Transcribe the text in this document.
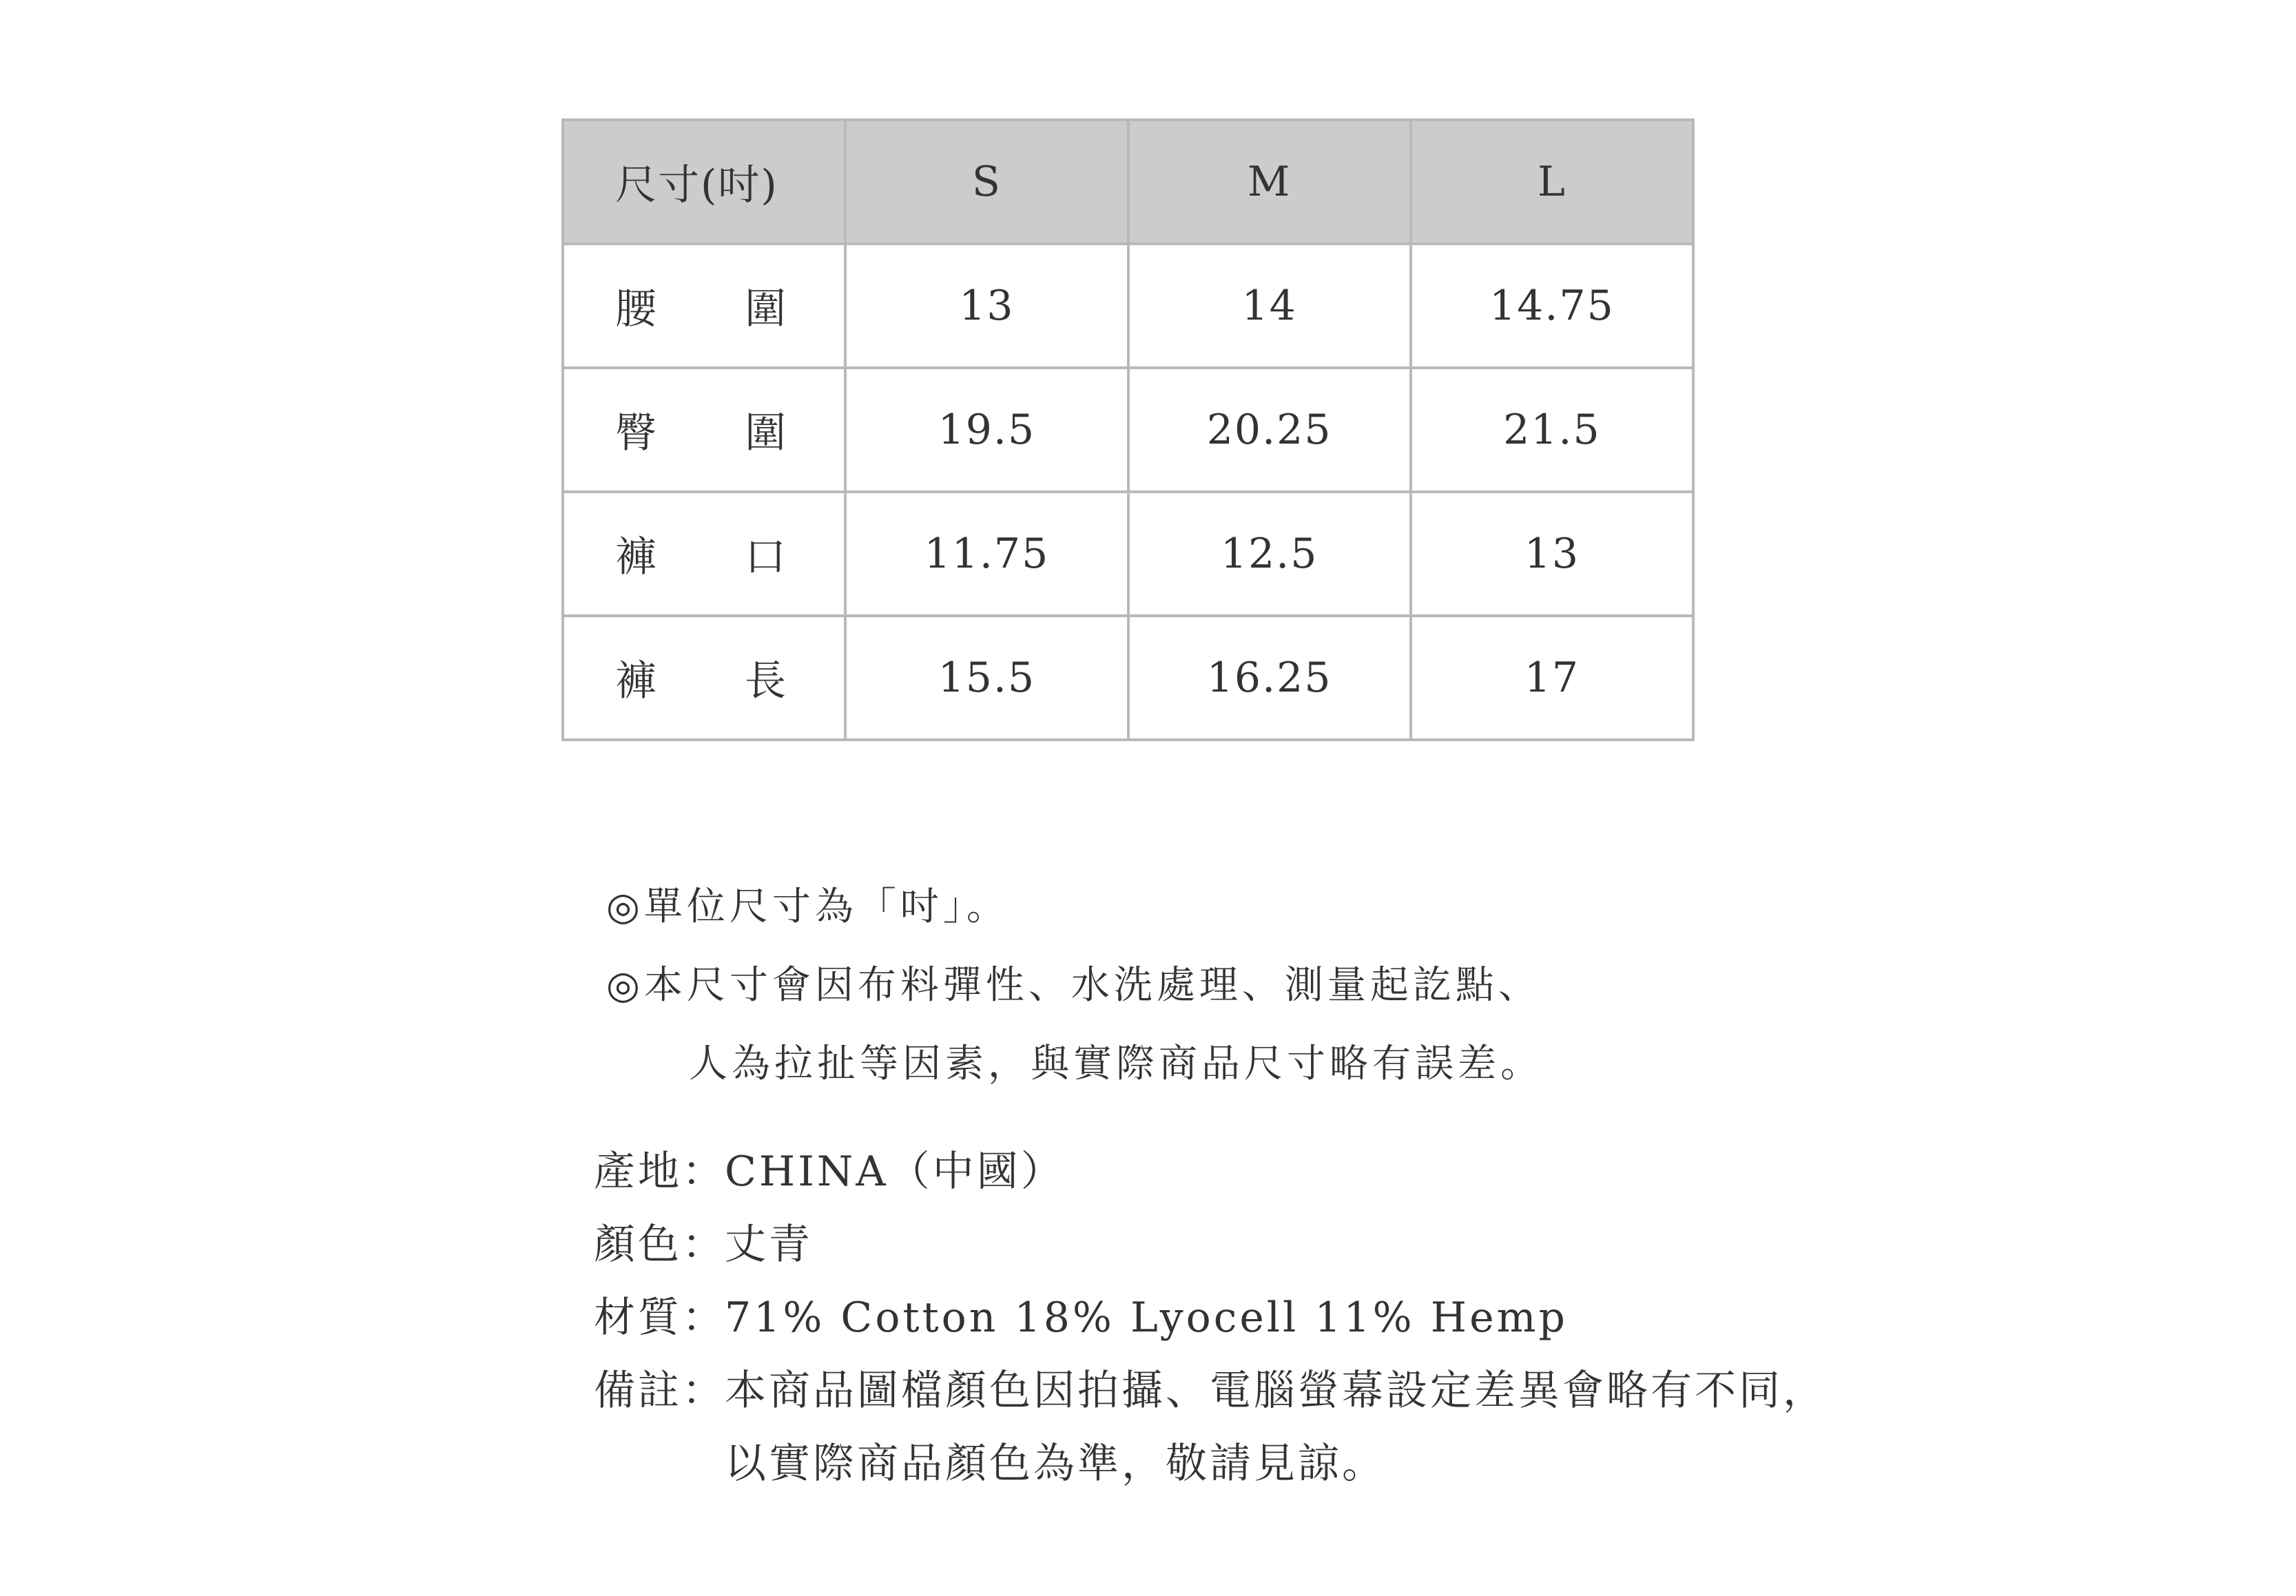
尺寸(吋)	S	M	L

腰 圍	13	14	14.75

臀 圍	19.5	20.25	21.5

褲 口	11.75	12.5	13

褲 長	15.5	16.25	17
◎單位尺寸為「吋」。
◎本尺寸會因布料彈性、水洗處理、測量起訖點、
人為拉扯等因素，與實際商品尺寸略有誤差。
產地：
CHINA（中國）
顏色：
丈青
材質：
71% Cotton 18% Lyocell 11% Hemp
備註：
本商品圖檔顏色因拍攝、電腦螢幕設定差異會略有不同，
以實際商品顏色為準，敬請見諒。
